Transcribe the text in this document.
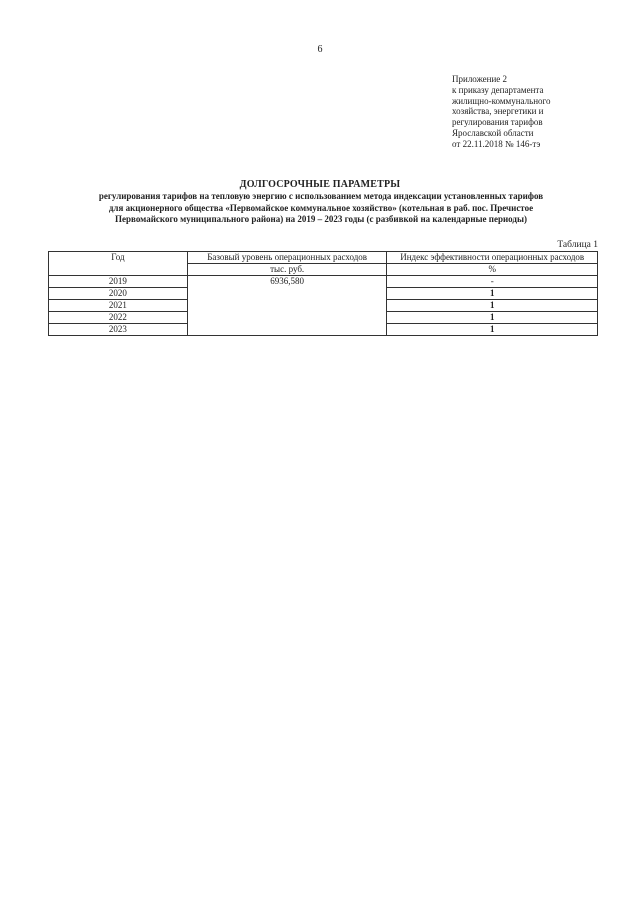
6
Приложение 2
к приказу департамента
жилищно-коммунального
хозяйства, энергетики и
регулирования тарифов
Ярославской области
от 22.11.2018 № 146-тэ
ДОЛГОСРОЧНЫЕ ПАРАМЕТРЫ
регулирования тарифов на тепловую энергию с использованием метода индексации установленных тарифов
для акционерного общества «Первомайское коммунальное хозяйство» (котельная в раб. пос. Пречистое
Первомайского муниципального района) на 2019 – 2023 годы (с разбивкой на календарные периоды)
Таблица 1
Год	Базовый уровень операционных расходов	Индекс эффективности операционных расходов
	тыс. руб.	%
2019	6936,580	-
2020		1
2021		1
2022		1
2023		1
